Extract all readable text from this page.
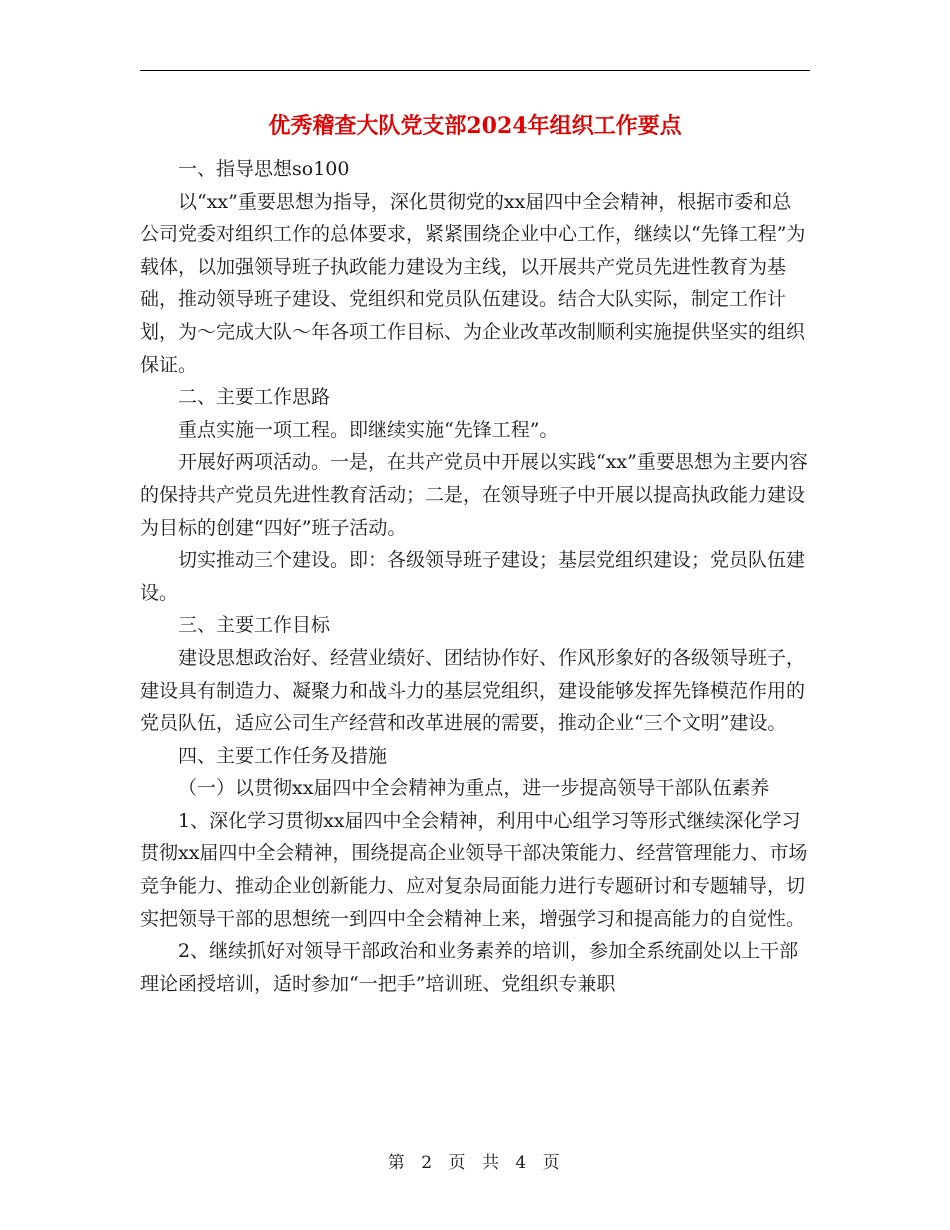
优秀稽查大队党支部2024年组织工作要点

一、指导思想so100

以“xx”重要思想为指导，深化贯彻党的xx届四中全会精神，根据市委和总公司党委对组织工作的总体要求，紧紧围绕企业中心工作，继续以“先锋工程”为载体，以加强领导班子执政能力建设为主线，以开展共产党员先进性教育为基础，推动领导班子建设、党组织和党员队伍建设。结合大队实际，制定工作计划，为～完成大队～年各项工作目标、为企业改革改制顺利实施提供坚实的组织保证。

二、主要工作思路

重点实施一项工程。即继续实施“先锋工程”。

开展好两项活动。一是，在共产党员中开展以实践“xx”重要思想为主要内容的保持共产党员先进性教育活动；二是，在领导班子中开展以提高执政能力建设为目标的创建“四好”班子活动。

切实推动三个建设。即：各级领导班子建设；基层党组织建设；党员队伍建设。

三、主要工作目标

建设思想政治好、经营业绩好、团结协作好、作风形象好的各级领导班子，建设具有制造力、凝聚力和战斗力的基层党组织，建设能够发挥先锋模范作用的党员队伍，适应公司生产经营和改革进展的需要，推动企业“三个文明”建设。

四、主要工作任务及措施

（一）以贯彻xx届四中全会精神为重点，进一步提高领导干部队伍素养

1、深化学习贯彻xx届四中全会精神，利用中心组学习等形式继续深化学习贯彻xx届四中全会精神，围绕提高企业领导干部决策能力、经营管理能力、市场竞争能力、推动企业创新能力、应对复杂局面能力进行专题研讨和专题辅导，切实把领导干部的思想统一到四中全会精神上来，增强学习和提高能力的自觉性。

2、继续抓好对领导干部政治和业务素养的培训，参加全系统副处以上干部理论函授培训，适时参加“一把手”培训班、党组织专兼职

第 2 页 共 4 页
